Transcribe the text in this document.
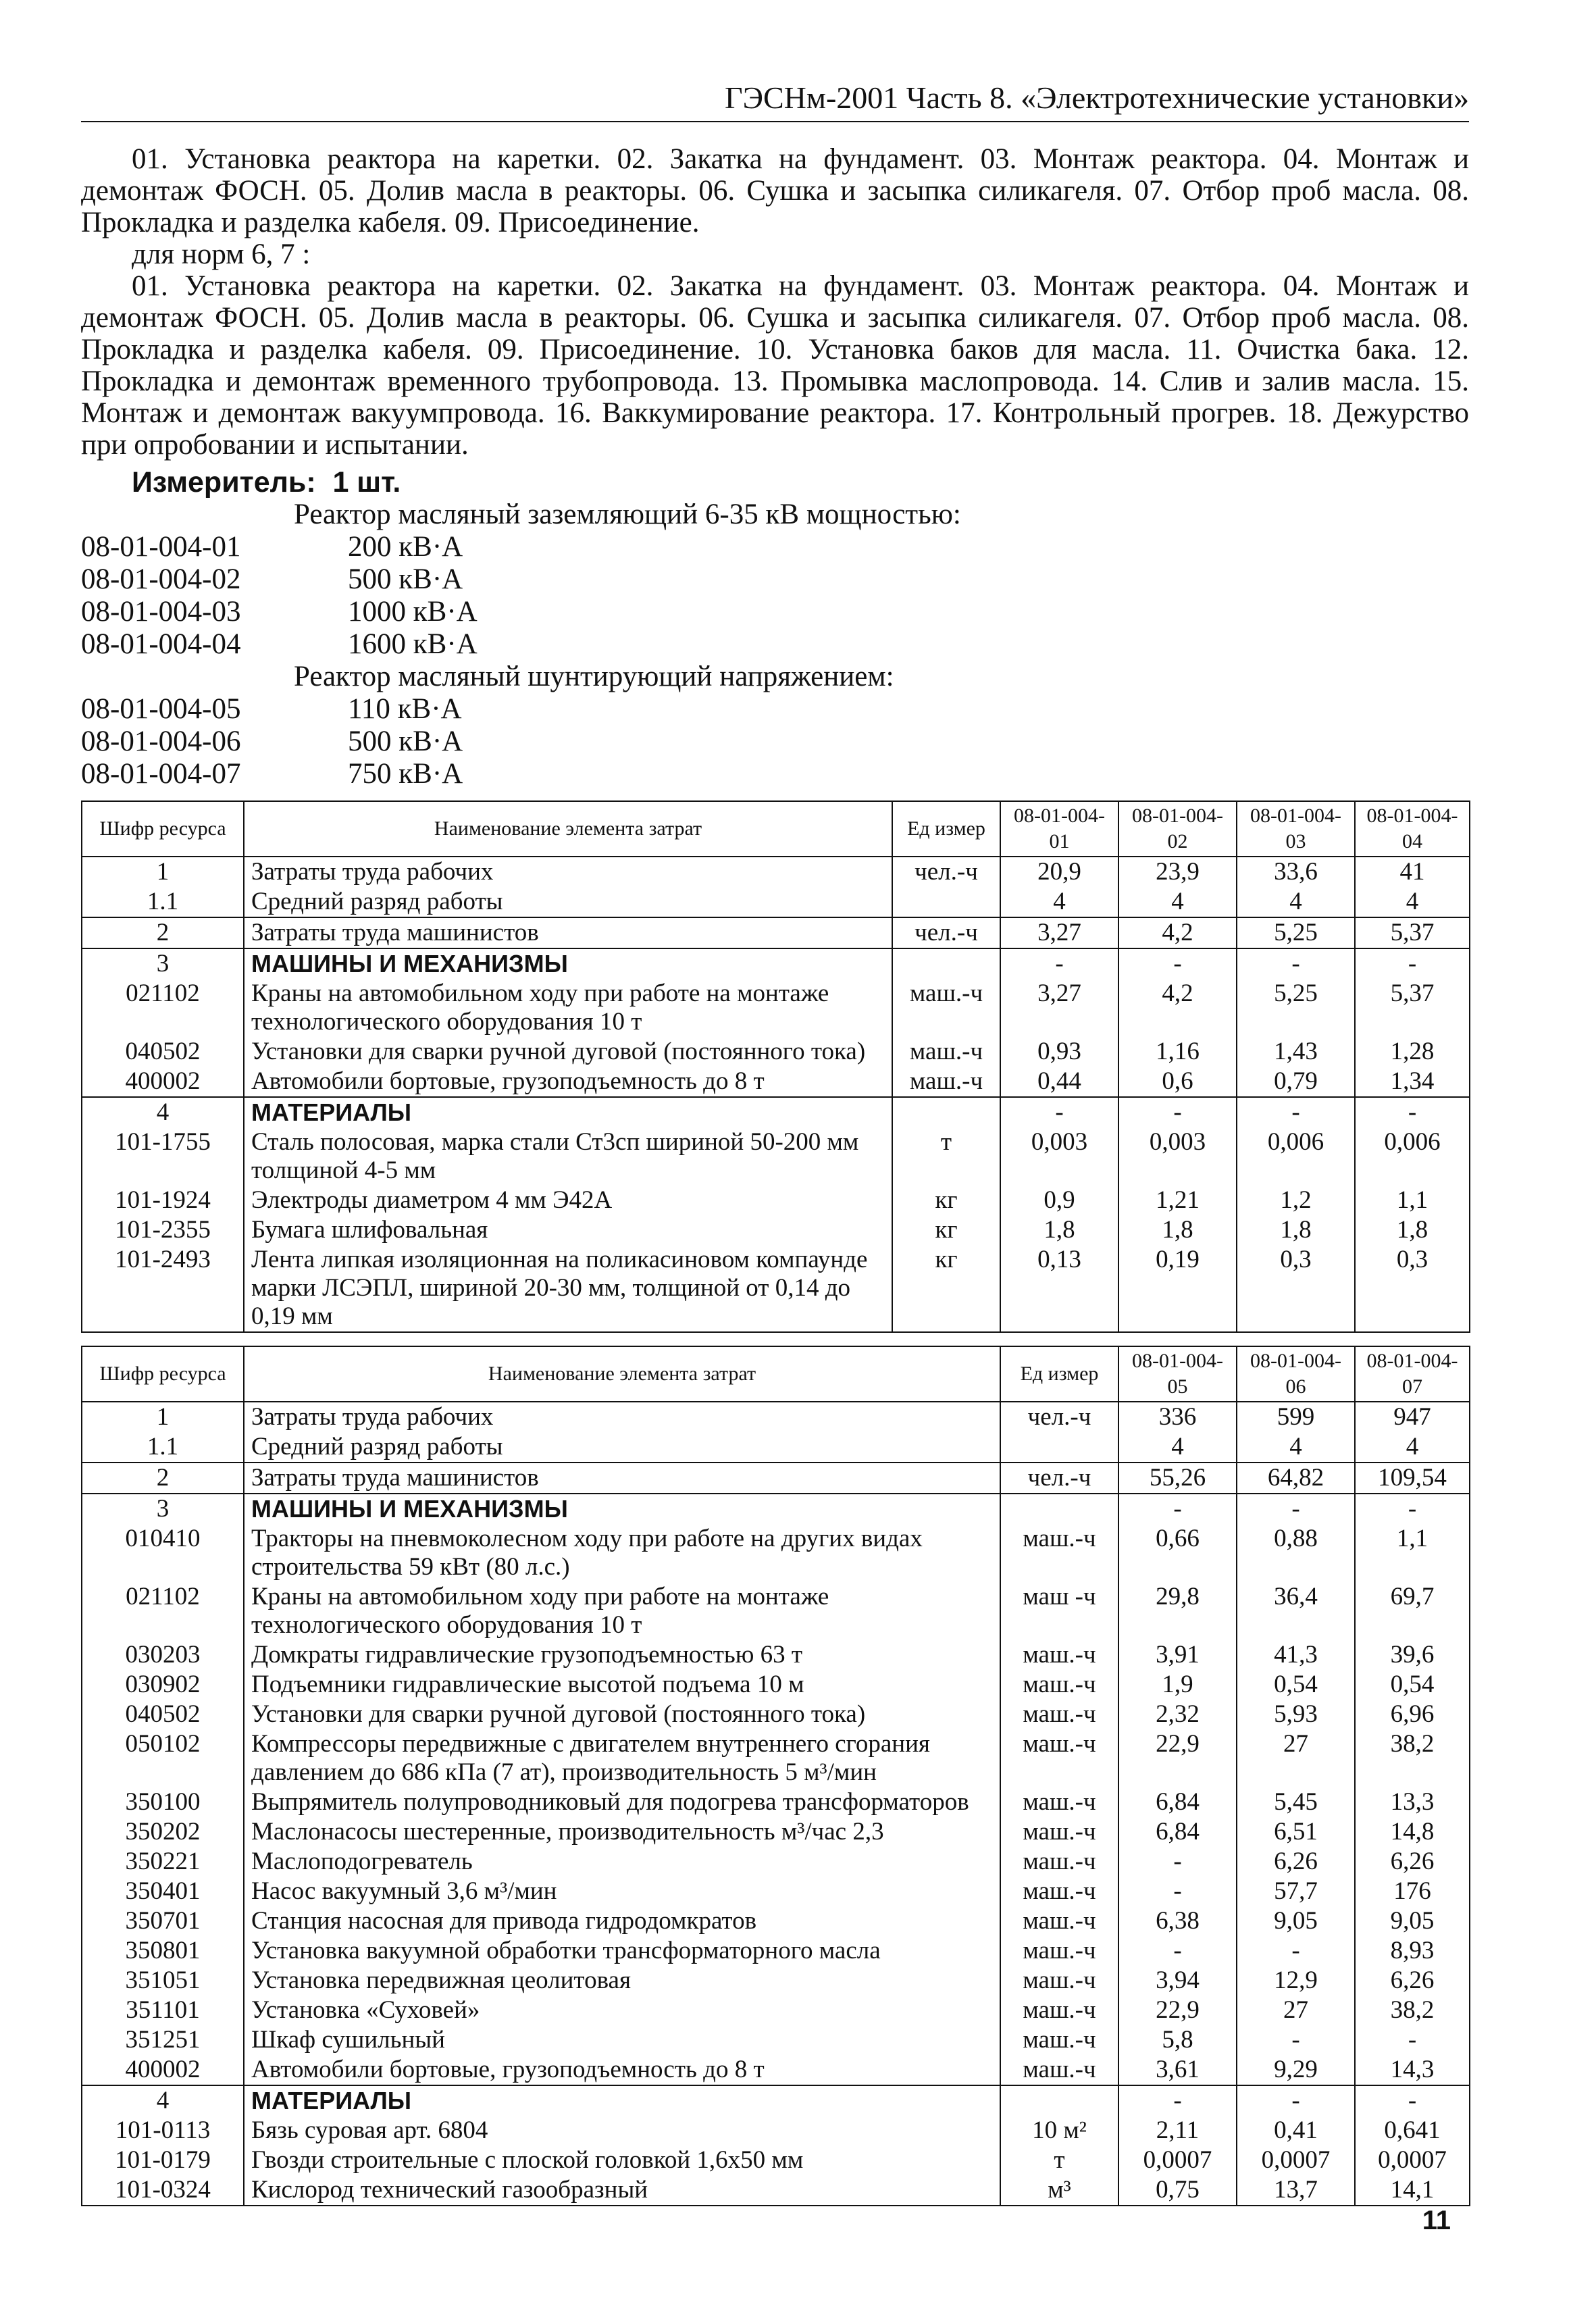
ГЭСНм-2001 Часть 8. «Электротехнические установки»
01. Установка реактора на каретки. 02. Закатка на фундамент. 03. Монтаж реактора. 04. Монтаж и демонтаж ФОСН. 05. Долив масла в реакторы. 06. Сушка и засыпка силикагеля. 07. Отбор проб масла. 08. Прокладка и разделка кабеля. 09. Присоединение.
для норм 6, 7 :
01. Установка реактора на каретки. 02. Закатка на фундамент. 03. Монтаж реактора. 04. Монтаж и демонтаж ФОСН. 05. Долив масла в реакторы. 06. Сушка и засыпка силикагеля. 07. Отбор проб масла. 08. Прокладка и разделка кабеля. 09. Присоединение. 10. Установка баков для масла. 11. Очистка бака. 12. Прокладка и демонтаж временного трубопровода. 13. Промывка маслопровода. 14. Слив и залив масла. 15. Монтаж и демонтаж вакуумпровода. 16. Ваккумирование реактора. 17. Контрольный прогрев. 18. Дежурство при опробовании и испытании.
Измеритель: 1 шт.
Реактор масляный заземляющий 6-35 кВ мощностью:
08-01-004-01	200 кВ·А
08-01-004-02	500 кВ·А
08-01-004-03	1000 кВ·А
08-01-004-04	1600 кВ·А
Реактор масляный шунтирующий напряжением:
08-01-004-05	110 кВ·А
08-01-004-06	500 кВ·А
08-01-004-07	750 кВ·А
Шифр ресурса	Наименование элемента затрат	Ед измер	08-01-004-01	08-01-004-02	08-01-004-03	08-01-004-04
1	Затраты труда рабочих	чел.-ч	20,9	23,9	33,6	41
1.1	Средний разряд работы		4	4	4	4
2	Затраты труда машинистов	чел.-ч	3,27	4,2	5,25	5,37
3	МАШИНЫ И МЕХАНИЗМЫ		-	-	-	-
021102	Краны на автомобильном ходу при работе на монтаже технологического оборудования 10 т	маш.-ч	3,27	4,2	5,25	5,37
040502	Установки для сварки ручной дуговой (постоянного тока)	маш.-ч	0,93	1,16	1,43	1,28
400002	Автомобили бортовые, грузоподъемность до 8 т	маш.-ч	0,44	0,6	0,79	1,34
4	МАТЕРИАЛЫ		-	-	-	-
101-1755	Сталь полосовая, марка стали Ст3сп шириной 50-200 мм толщиной 4-5 мм	т	0,003	0,003	0,006	0,006
101-1924	Электроды диаметром 4 мм Э42А	кг	0,9	1,21	1,2	1,1
101-2355	Бумага шлифовальная	кг	1,8	1,8	1,8	1,8
101-2493	Лента липкая изоляционная на поликасиновом компаунде марки ЛСЭПЛ, шириной 20-30 мм, толщиной от 0,14 до 0,19 мм	кг	0,13	0,19	0,3	0,3
Шифр ресурса	Наименование элемента затрат	Ед измер	08-01-004-05	08-01-004-06	08-01-004-07
1	Затраты труда рабочих	чел.-ч	336	599	947
1.1	Средний разряд работы		4	4	4
2	Затраты труда машинистов	чел.-ч	55,26	64,82	109,54
3	МАШИНЫ И МЕХАНИЗМЫ		-	-	-
010410	Тракторы на пневмоколесном ходу при работе на других видах строительства 59 кВт (80 л.с.)	маш.-ч	0,66	0,88	1,1
021102	Краны на автомобильном ходу при работе на монтаже технологического оборудования 10 т	маш -ч	29,8	36,4	69,7
030203	Домкраты гидравлические грузоподъемностью 63 т	маш.-ч	3,91	41,3	39,6
030902	Подъемники гидравлические высотой подъема 10 м	маш.-ч	1,9	0,54	0,54
040502	Установки для сварки ручной дуговой (постоянного тока)	маш.-ч	2,32	5,93	6,96
050102	Компрессоры передвижные с двигателем внутреннего сгорания давлением до 686 кПа (7 ат), производительность 5 м³/мин	маш.-ч	22,9	27	38,2
350100	Выпрямитель полупроводниковый для подогрева трансформаторов	маш.-ч	6,84	5,45	13,3
350202	Маслонасосы шестеренные, производительность м³/час 2,3	маш.-ч	6,84	6,51	14,8
350221	Маслоподогреватель	маш.-ч	-	6,26	6,26
350401	Насос вакуумный 3,6 м³/мин	маш.-ч	-	57,7	176
350701	Станция насосная для привода гидродомкратов	маш.-ч	6,38	9,05	9,05
350801	Установка вакуумной обработки трансформаторного масла	маш.-ч	-	-	8,93
351051	Установка передвижная цеолитовая	маш.-ч	3,94	12,9	6,26
351101	Установка «Суховей»	маш.-ч	22,9	27	38,2
351251	Шкаф сушильный	маш.-ч	5,8	-	-
400002	Автомобили бортовые, грузоподъемность до 8 т	маш.-ч	3,61	9,29	14,3
4	МАТЕРИАЛЫ		-	-	-
101-0113	Бязь суровая арт. 6804	10 м²	2,11	0,41	0,641
101-0179	Гвозди строительные с плоской головкой 1,6х50 мм	т	0,0007	0,0007	0,0007
101-0324	Кислород технический газообразный	м³	0,75	13,7	14,1
11
